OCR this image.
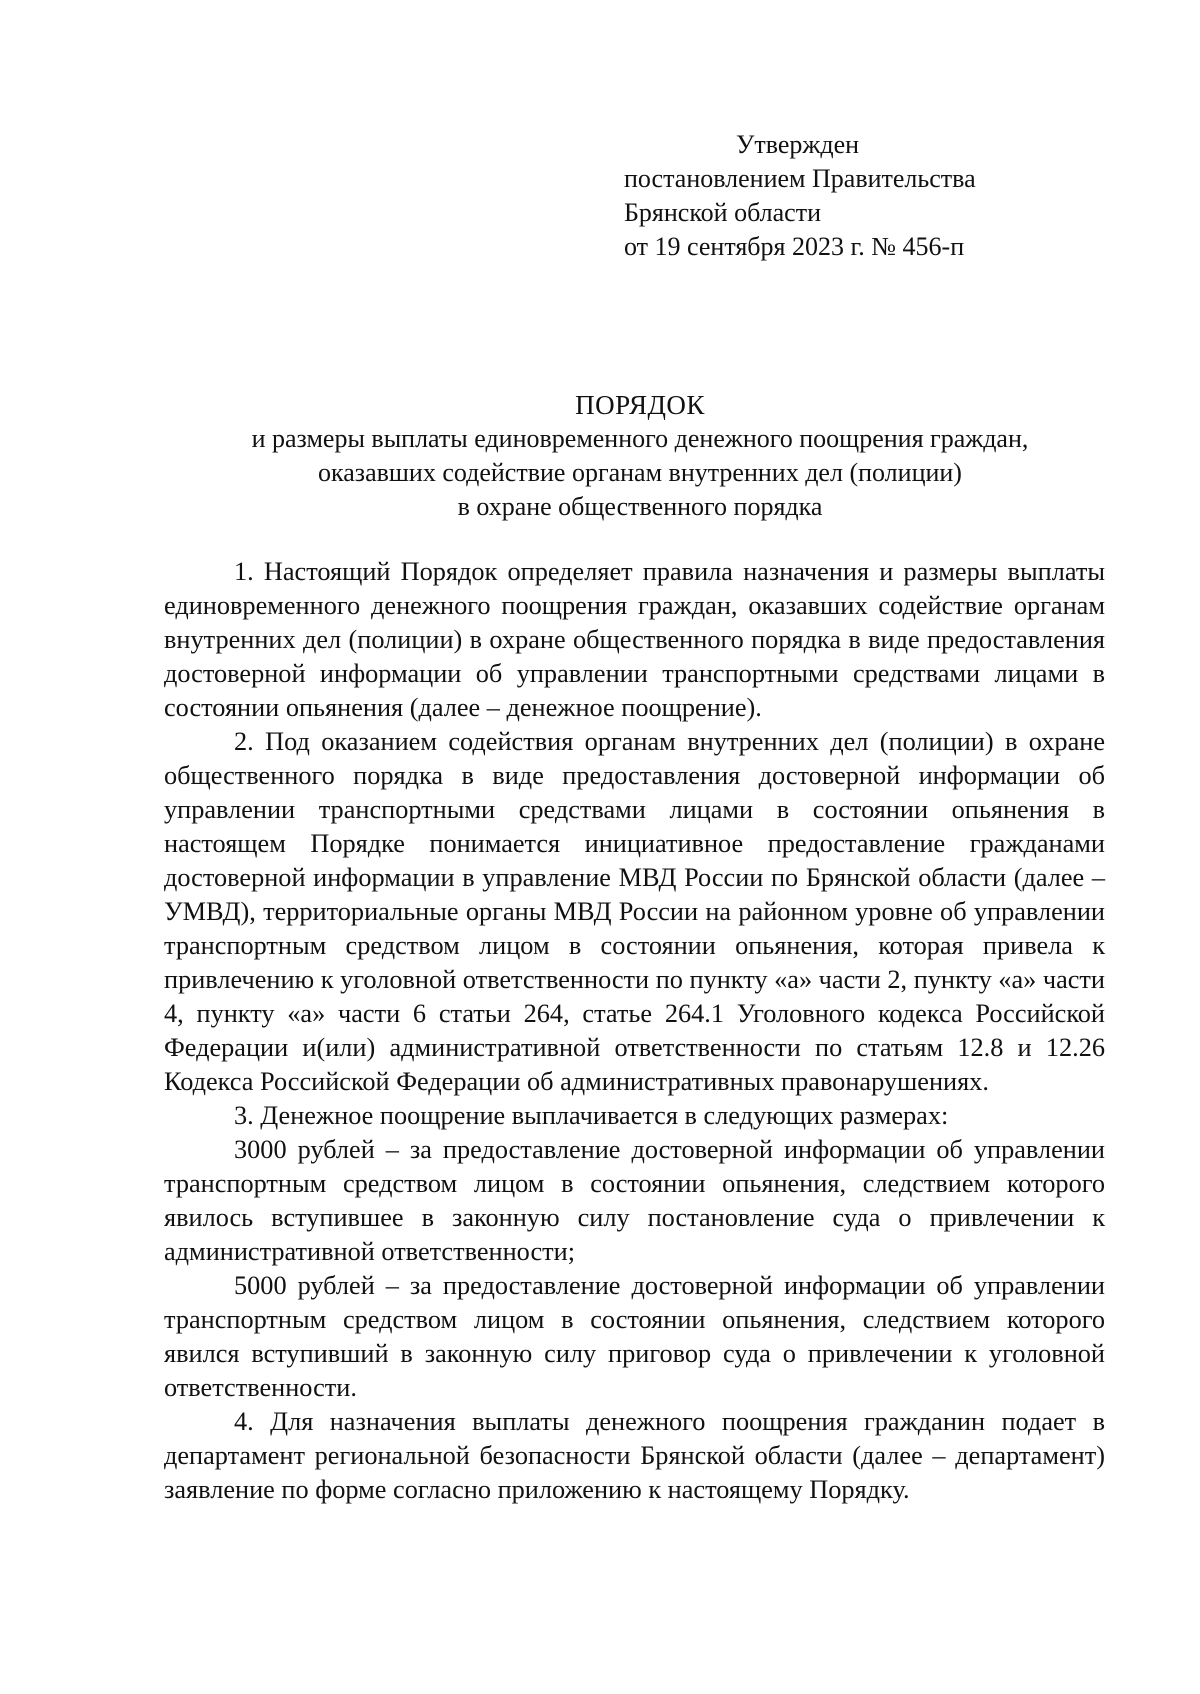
Утвержден
постановлением Правительства
Брянской области
от 19 сентября 2023 г. № 456-п
ПОРЯДОК
и размеры выплаты единовременного денежного поощрения граждан,
оказавших содействие органам внутренних дел (полиции)
в охране общественного порядка

1. Настоящий Порядок определяет правила назначения и размеры выплаты единовременного денежного поощрения граждан, оказавших содействие органам внутренних дел (полиции) в охране общественного порядка в виде предоставления достоверной информации об управлении транспортными средствами лицами в состоянии опьянения (далее – денежное поощрение).

2. Под оказанием содействия органам внутренних дел (полиции) в охране общественного порядка в виде предоставления достоверной информации об управлении транспортными средствами лицами в состоянии опьянения в настоящем Порядке понимается инициативное предоставление гражданами достоверной информации в управление МВД России по Брянской области (далее – УМВД), территориальные органы МВД России на районном уровне об управлении транспортным средством лицом в состоянии опьянения, которая привела к привлечению к уголовной ответственности по пункту «а» части 2, пункту «а» части 4, пункту «а» части 6 статьи 264, статье 264.1 Уголовного кодекса Российской Федерации и(или) административной ответственности по статьям 12.8 и 12.26 Кодекса Российской Федерации об административных правонарушениях.

3. Денежное поощрение выплачивается в следующих размерах:

3000 рублей – за предоставление достоверной информации об управлении транспортным средством лицом в состоянии опьянения, следствием которого явилось вступившее в законную силу постановление суда о привлечении к административной ответственности;

5000 рублей – за предоставление достоверной информации об управлении транспортным средством лицом в состоянии опьянения, следствием которого явился вступивший в законную силу приговор суда о привлечении к уголовной ответственности.

4. Для назначения выплаты денежного поощрения гражданин подает в департамент региональной безопасности Брянской области (далее – департамент) заявление по форме согласно приложению к настоящему Порядку.
